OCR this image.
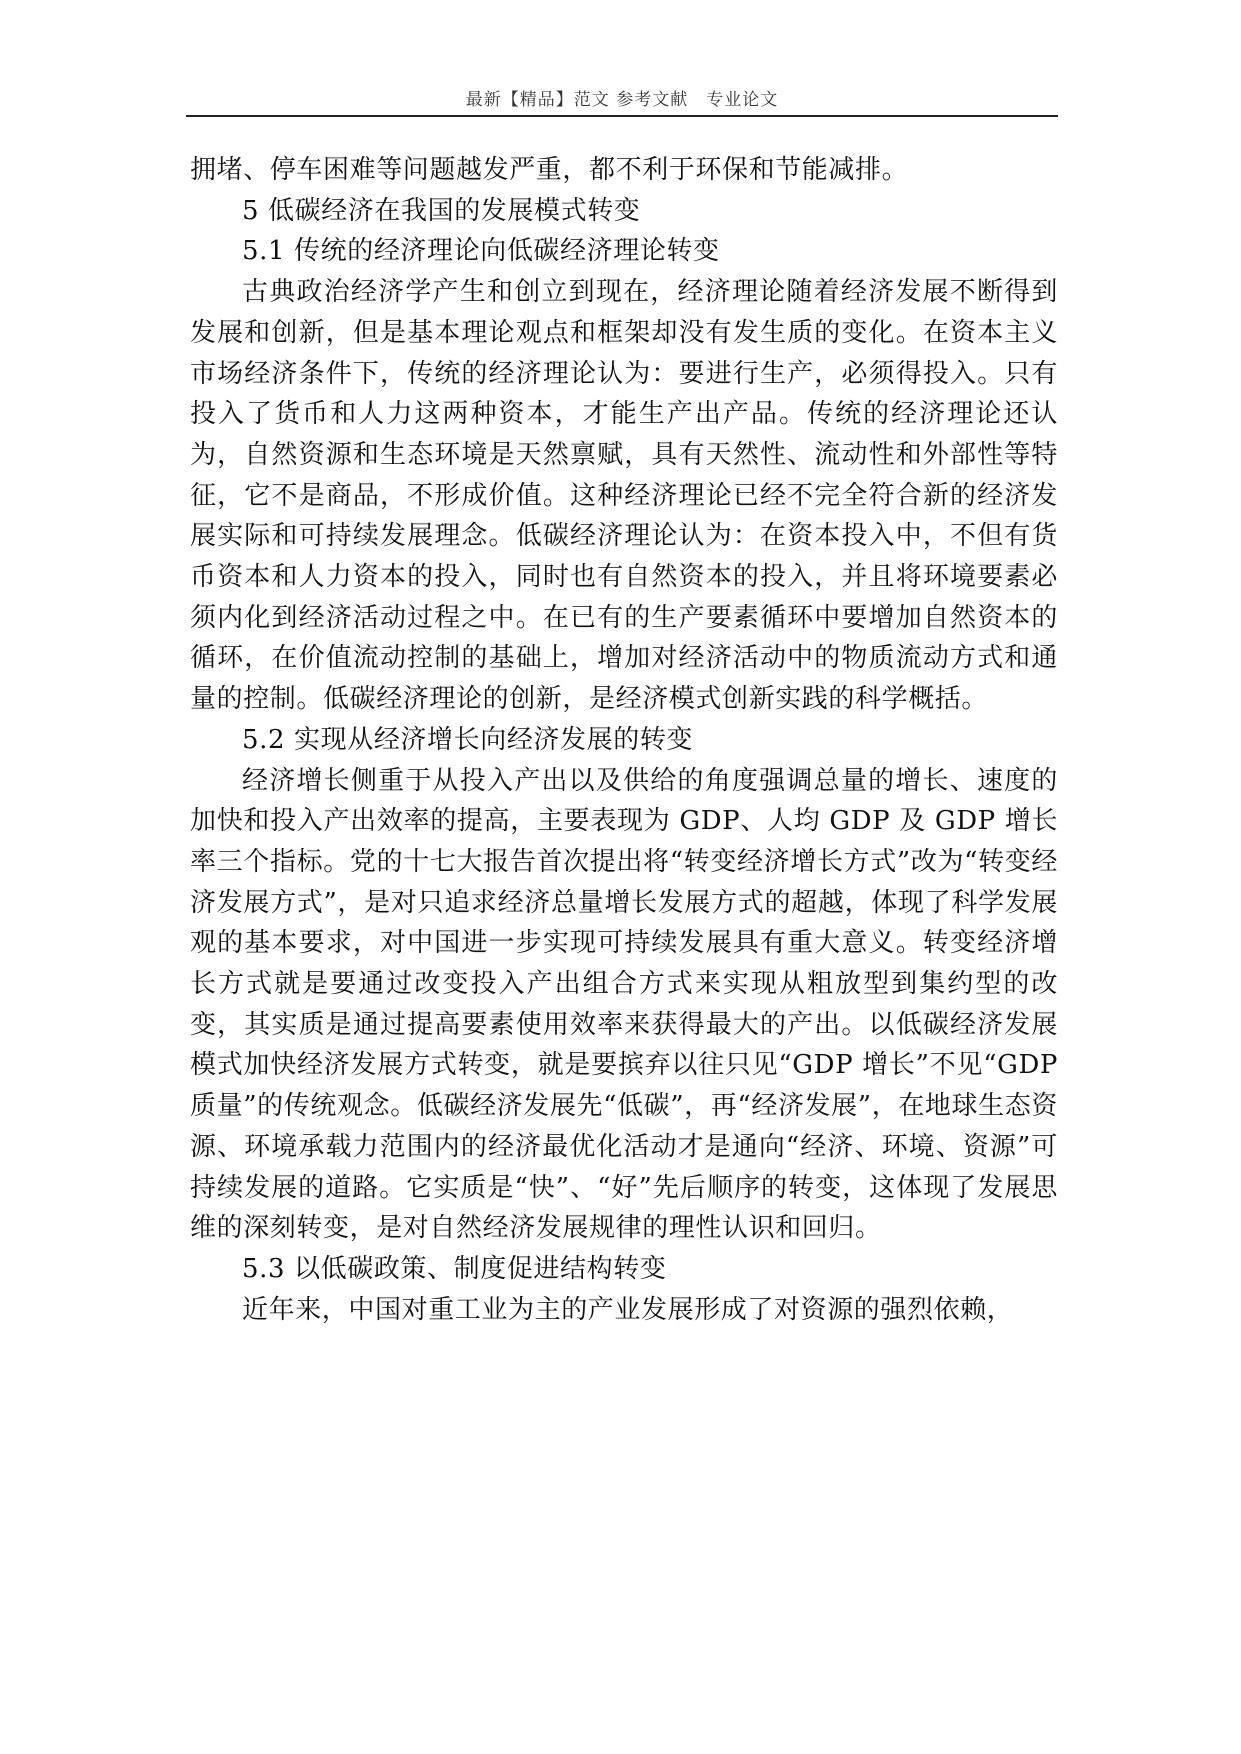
最新【精品】范文 参考文献　专业论文

拥堵、停车困难等问题越发严重，都不利于环保和节能减排。

5 低碳经济在我国的发展模式转变

5.1 传统的经济理论向低碳经济理论转变

古典政治经济学产生和创立到现在，经济理论随着经济发展不断得到发展和创新，但是基本理论观点和框架却没有发生质的变化。在资本主义市场经济条件下，传统的经济理论认为：要进行生产，必须得投入。只有投入了货币和人力这两种资本，才能生产出产品。传统的经济理论还认为，自然资源和生态环境是天然禀赋，具有天然性、流动性和外部性等特征，它不是商品，不形成价值。这种经济理论已经不完全符合新的经济发展实际和可持续发展理念。低碳经济理论认为：在资本投入中，不但有货币资本和人力资本的投入，同时也有自然资本的投入，并且将环境要素必须内化到经济活动过程之中。在已有的生产要素循环中要增加自然资本的循环，在价值流动控制的基础上，增加对经济活动中的物质流动方式和通量的控制。低碳经济理论的创新，是经济模式创新实践的科学概括。

5.2 实现从经济增长向经济发展的转变

经济增长侧重于从投入产出以及供给的角度强调总量的增长、速度的加快和投入产出效率的提高，主要表现为 GDP、人均 GDP 及 GDP 增长率三个指标。党的十七大报告首次提出将“转变经济增长方式”改为“转变经济发展方式”，是对只追求经济总量增长发展方式的超越，体现了科学发展观的基本要求，对中国进一步实现可持续发展具有重大意义。转变经济增长方式就是要通过改变投入产出组合方式来实现从粗放型到集约型的改变，其实质是通过提高要素使用效率来获得最大的产出。以低碳经济发展模式加快经济发展方式转变，就是要摈弃以往只见“GDP 增长”不见“GDP 质量”的传统观念。低碳经济发展先“低碳”，再“经济发展”，在地球生态资源、环境承载力范围内的经济最优化活动才是通向“经济、环境、资源”可持续发展的道路。它实质是“快”、“好”先后顺序的转变，这体现了发展思维的深刻转变，是对自然经济发展规律的理性认识和回归。

5.3 以低碳政策、制度促进结构转变

近年来，中国对重工业为主的产业发展形成了对资源的强烈依赖，
